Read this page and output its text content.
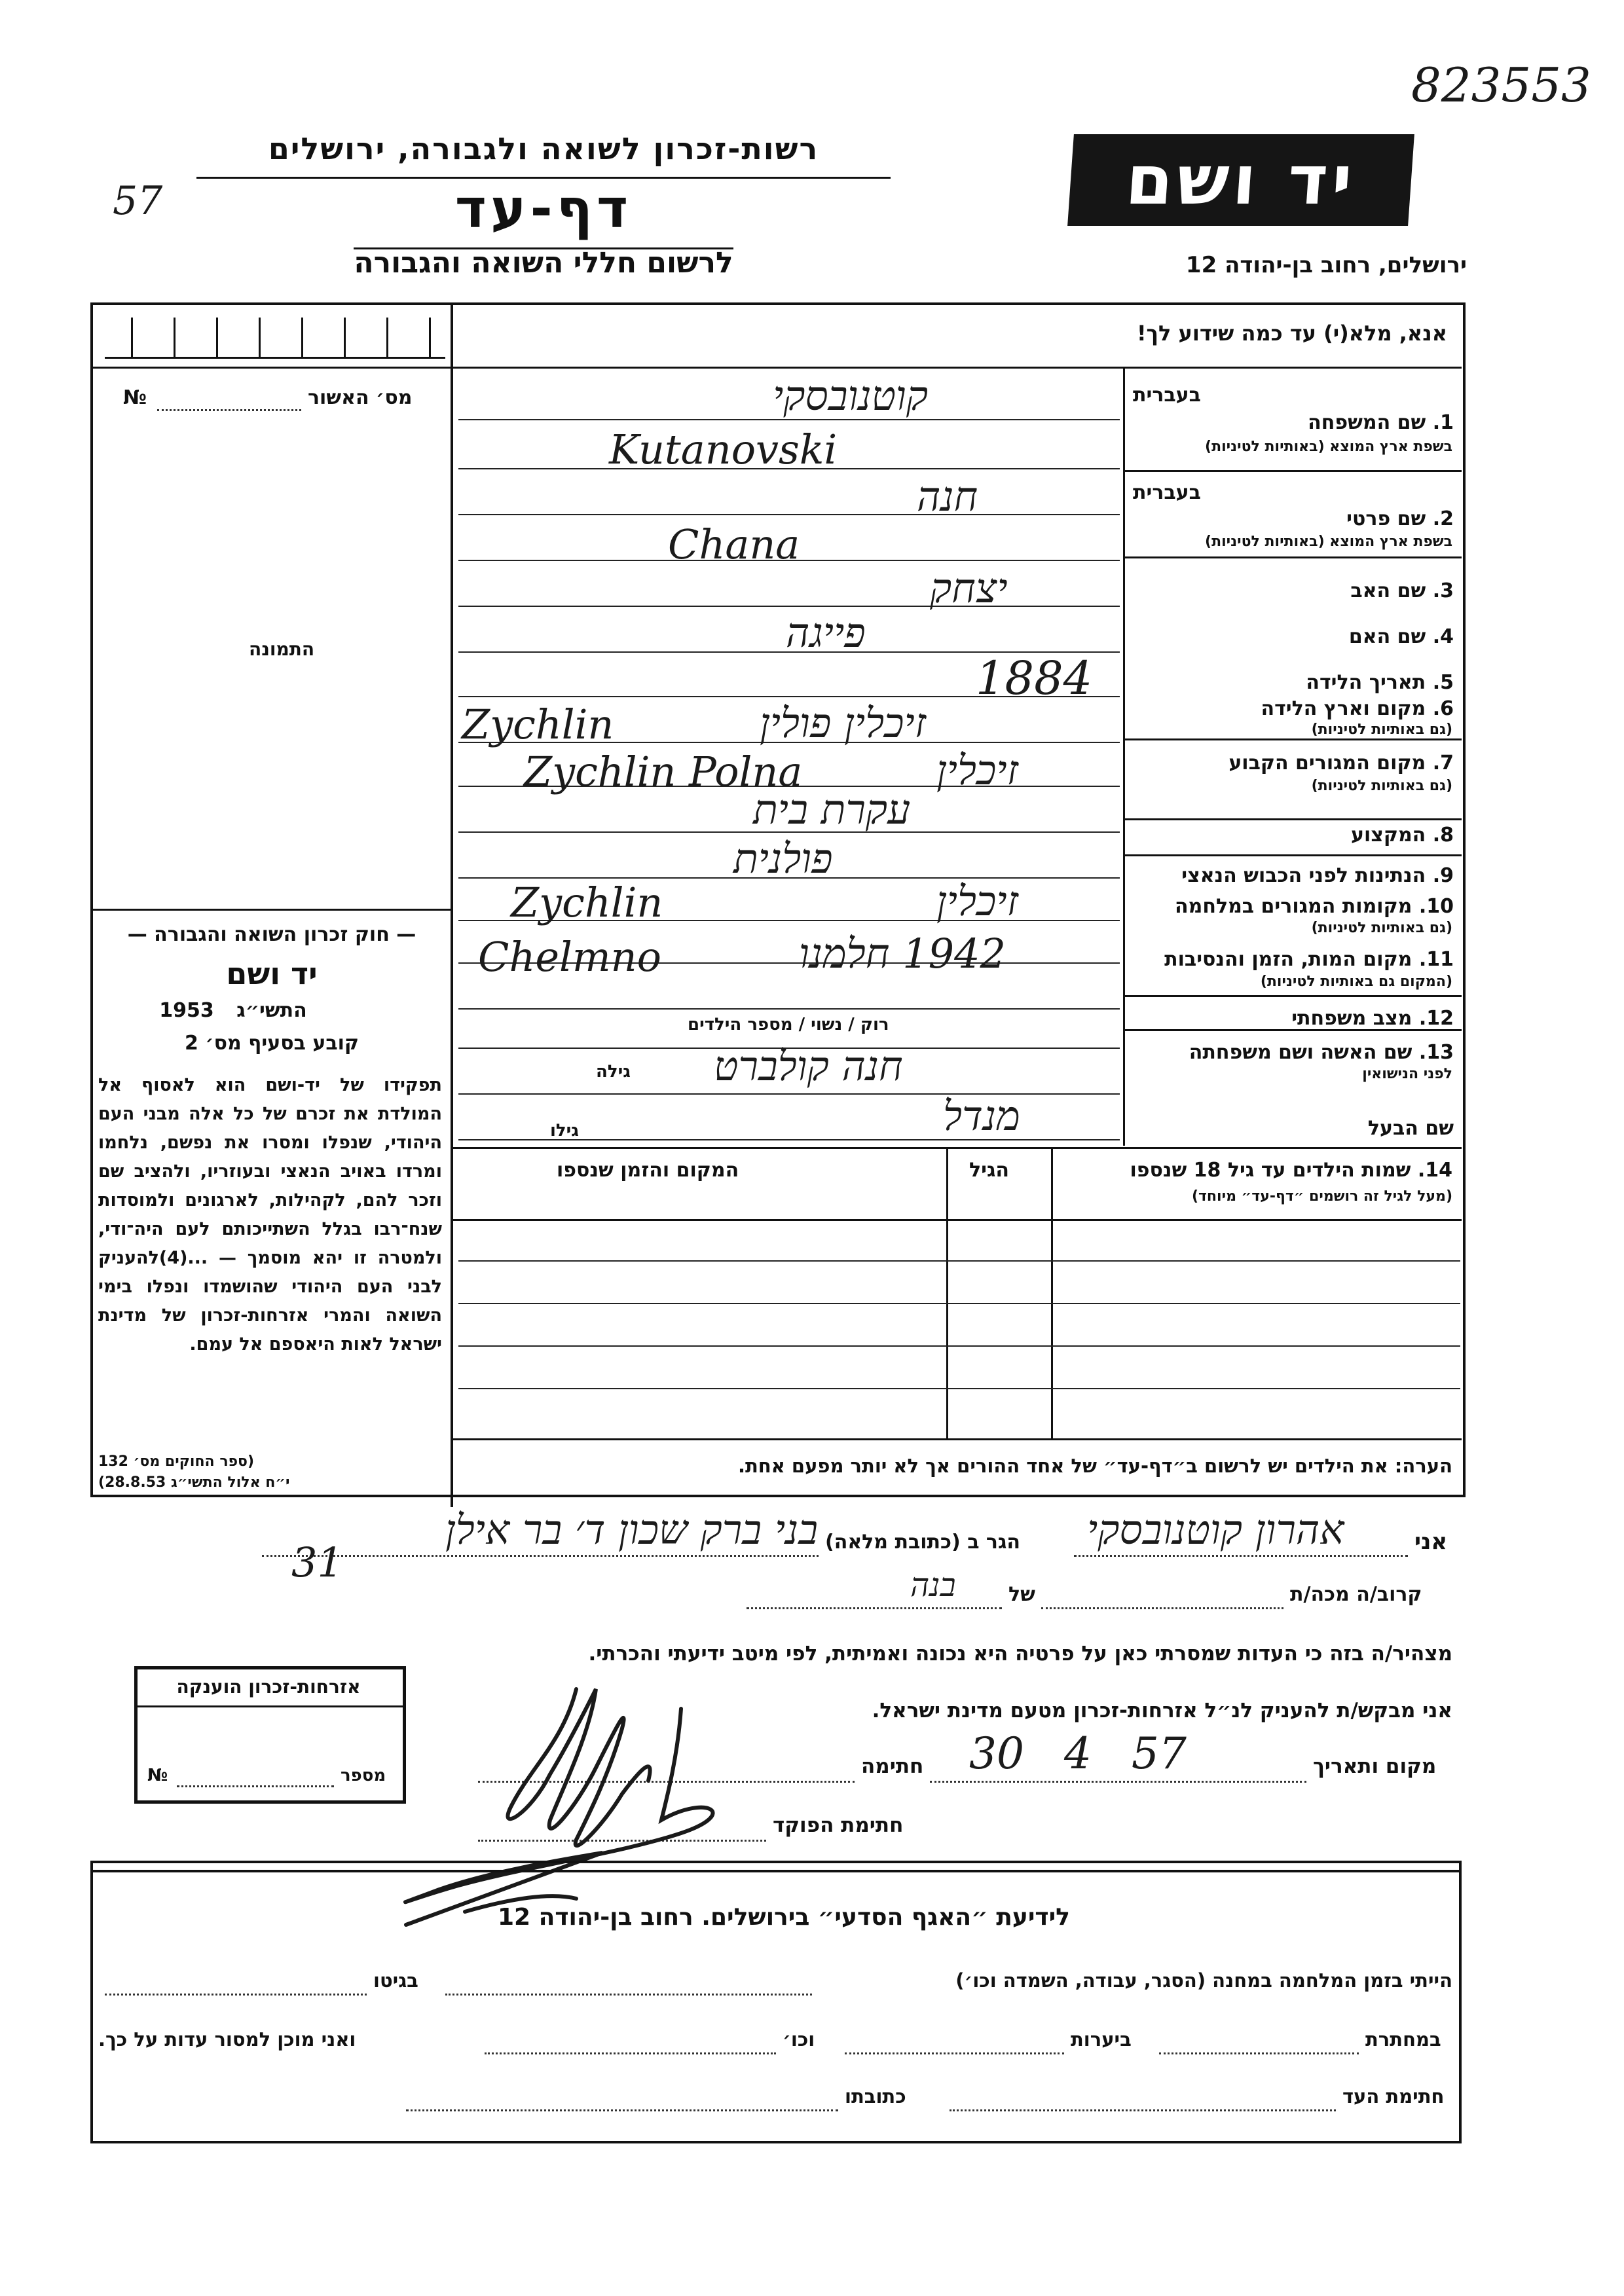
823553
57
רשות-זכרון לשואה ולגבורה, ירושלים
דף-עד
לרשום חללי השואה והגבורה
יד ושם
ירושלים, רחוב בן-יהודה 12
אנא, מלא(י) עד כמה שידוע לך!
מס׳ האשור
№
התמונה
— חוק זכרון השואה והגבורה —
יד ושם
התשי״ג
1953
קובע בסעיף מס׳ 2
תפקידו של יד-ושם הוא לאסוף אל המולדת את זכרם של כל אלה מבני העם היהודי, שנפלו ומסרו את נפשם, נלחמו ומרדו באויב הנאצי ובעוזריו, ולהציב שם וזכר להם, לקהילות, לארגונים ולמוסדות שנח־רבו בגלל השתייכותם לעם היה־ודי, ולמטרה זו יהא מוסמך — ...(4)להעניק לבני העם היהודי שהושמדו ונפלו בימי השואה והמרי אזרחות-זכרון של מדינת ישראל לאות היאספם אל עמם.
(ספר החוקים מס׳ 132
י״ח אלול התשי״ג 28.8.53)
בעברית
1. שם המשפחה
בשפת ארץ המוצא (באותיות לטיניות)
בעברית
2. שם פרטי
בשפת ארץ המוצא (באותיות לטיניות)
3. שם האב
4. שם האם
5. תאריך הלידה
6. מקום וארץ הלידה
(גם באותיות לטיניות)
7. מקום המגורים הקבוע
(גם באותיות לטיניות)
8. המקצוע
9. הנתינות לפני הכבוש הנאצי
10. מקומות המגורים במלחמה
(גם באותיות לטיניות)
11. מקום המות, הזמן והנסיבות
(המקום גם באותיות לטיניות)
12. מצב משפחתי
13. שם האשה ושם משפחתה
לפני הנישואין
שם הבעל
קוטנובסקי
Kutanovski
חנה
Chana
יצחק
פייגה
1884
זיכלין פולין
Zychlin
זיכלין
Zychlin Polna
עקרת בית
פולנית
זיכלין
Zychlin
1942 חלמנו
Chelmno
רוק / נשוי / מספר הילדים
חנה קולברט
גילה
מנדל
גילו
14. שמות הילדים עד גיל 18 שנספו
(מעל לגיל זה רושמים ״דף-עד״ מיוחד)
הגיל
המקום והזמן שנספו
הערה: את הילדים יש לרשום ב״דף-עד״ של אחד ההורים אך לא יותר מפעם אחת.
אני
אהרון קוטנובסקי
הגר ב (כתובת מלאה)
בני ברק שכון ד׳ בר אילן
31
קרוב/ה מכה/ת
של
בנה
מצהיר/ה בזה כי העדות שמסרתי כאן על פרטיה היא נכונה ואמיתית, לפי מיטב ידיעתי והכרתי.
אני מבקש/ת להעניק לנ״ל אזרחות-זכרון מטעם מדינת ישראל.
מקום ותאריך
30 4 57
חתימה
חתימת הפוקד
אזרחות-זכרון הוענקה
מספר
№
לידיעת ״האגף הסדעי״ בירושלים. רחוב בן-יהודה 12
הייתי בזמן המלחמה במחנה (הסגר, עבודה, השמדה וכו׳)
בגיטו
במחתרת
ביערות
וכו׳
ואני מוכן למסור עדות על כך.
חתימת העד
כתובתו
